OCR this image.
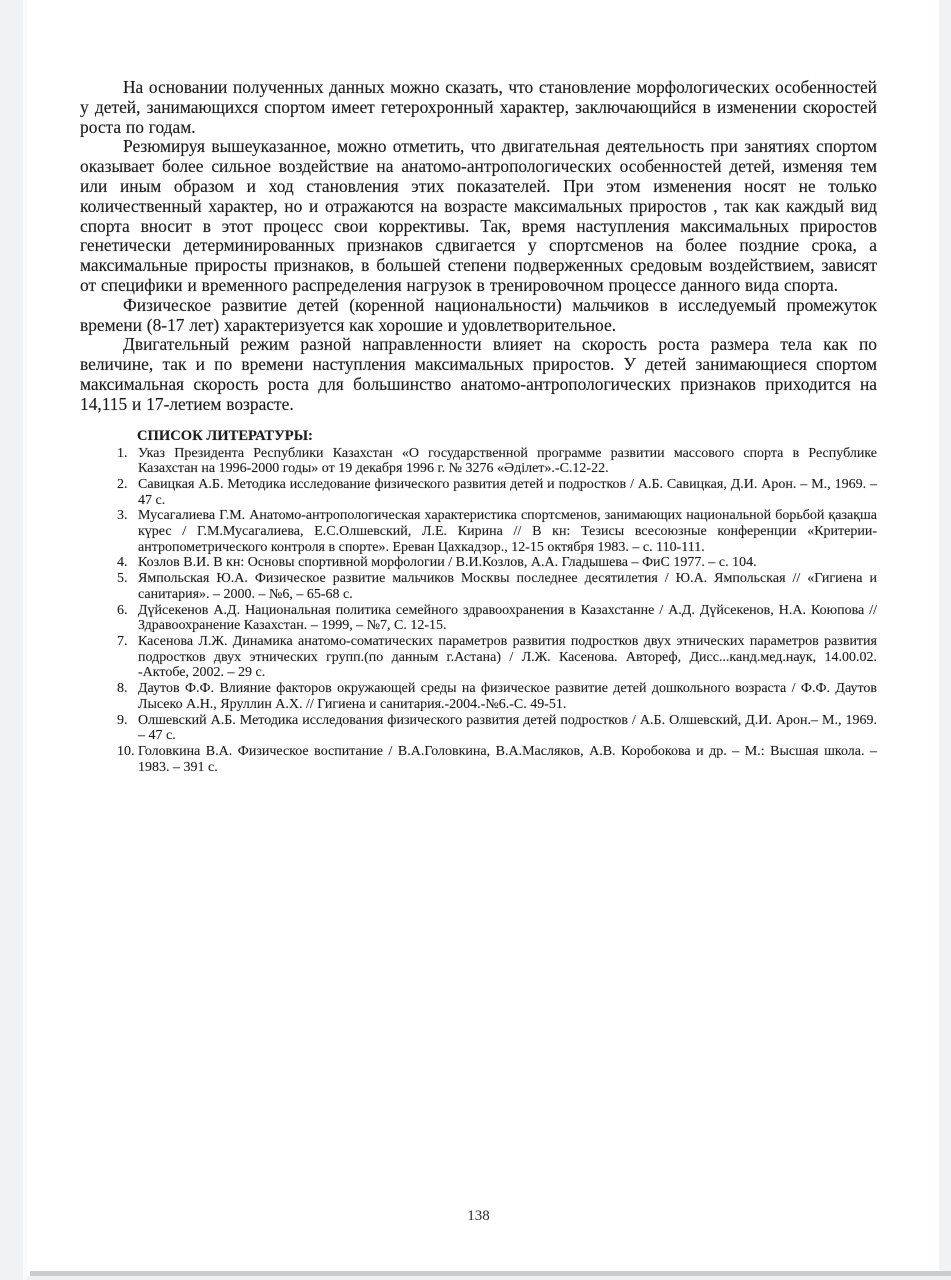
На основании полученных данных можно сказать, что становление морфологических особенностей у детей, занимающихся спортом имеет гетерохронный характер, заключающийся в изменении скоростей роста по годам.

Резюмируя вышеуказанное, можно отметить, что двигательная деятельность при занятиях спортом оказывает более сильное воздействие на анатомо-антропологических особенностей детей, изменяя тем или иным образом и ход становления этих показателей. При этом изменения носят не только количественный характер, но и отражаются на возрасте максимальных приростов , так как каждый вид спорта вносит в этот процесс свои коррективы. Так, время наступления максимальных приростов генетически детерминированных признаков сдвигается у спортсменов на более поздние срока, а максимальные приросты признаков, в большей степени подверженных средовым воздействием, зависят от специфики и временного распределения нагрузок в тренировочном процессе данного вида спорта.

Физическое развитие детей (коренной национальности) мальчиков в исследуемый промежуток времени (8-17 лет) характеризуется как хорошие и удовлетворительное.

Двигательный режим разной направленности влияет на скорость роста размера тела как по величине, так и по времени наступления максимальных приростов. У детей занимающиеся спортом максимальная скорость роста для большинство анатомо-антропологических признаков приходится на 14,115 и 17-летием возрасте.

СПИСОК ЛИТЕРАТУРЫ:

Указ Президента Республики Казахстан «О государственной программе развитии массового спорта в Республике Казахстан на 1996-2000 годы» от 19 декабря 1996 г. № 3276 «Әділет».-С.12-22.
Савицкая А.Б. Методика исследование физического развития детей и подростков / А.Б. Савицкая, Д.И. Арон. – М., 1969. – 47 с.
Мусагалиева Г.М. Анатомо-антропологическая характеристика спортсменов, занимающих национальной борьбой қазақша күрес / Г.М.Мусагалиева, Е.С.Олшевский, Л.Е. Кирина // В кн: Тезисы всесоюзные конференции «Критерии-антропометрического контроля в спорте». Ереван Цахкадзор., 12-15 октября 1983. – с. 110-111.
Козлов В.И. В кн: Основы спортивной морфологии / В.И.Козлов, А.А. Гладышева – ФиС 1977. – с. 104.
Ямпольская Ю.А. Физическое развитие мальчиков Москвы последнее десятилетия / Ю.А. Ямпольская // «Гигиена и санитария». – 2000. – №6, – 65-68 с.
Дүйсекенов А.Д. Национальная политика семейного здравоохранения в Казахстанне / А.Д. Дүйсекенов, Н.А. Коюпова // Здравоохранение Казахстан. – 1999, – №7, С. 12-15.
Касенова Л.Ж. Динамика анатомо-соматических параметров развития подростков двух этнических параметров развития подростков двух этнических групп.(по данным г.Астана) / Л.Ж. Касенова. Автореф, Дисс...канд.мед.наук, 14.00.02. -Актобе, 2002. – 29 с.
Даутов Ф.Ф. Влияние факторов окружающей среды на физическое развитие детей дошкольного возраста / Ф.Ф. Даутов Лысеко А.Н., Яруллин А.Х. // Гигиена и санитария.-2004.-№6.-С. 49-51.
Олшевский А.Б. Методика исследования физического развития детей подростков / А.Б. Олшевский, Д.И. Арон.– М., 1969. – 47 с.
Головкина В.А. Физическое воспитание / В.А.Головкина, В.А.Масляков, А.В. Коробокова и др. – М.: Высшая школа. – 1983. – 391 с.
138
